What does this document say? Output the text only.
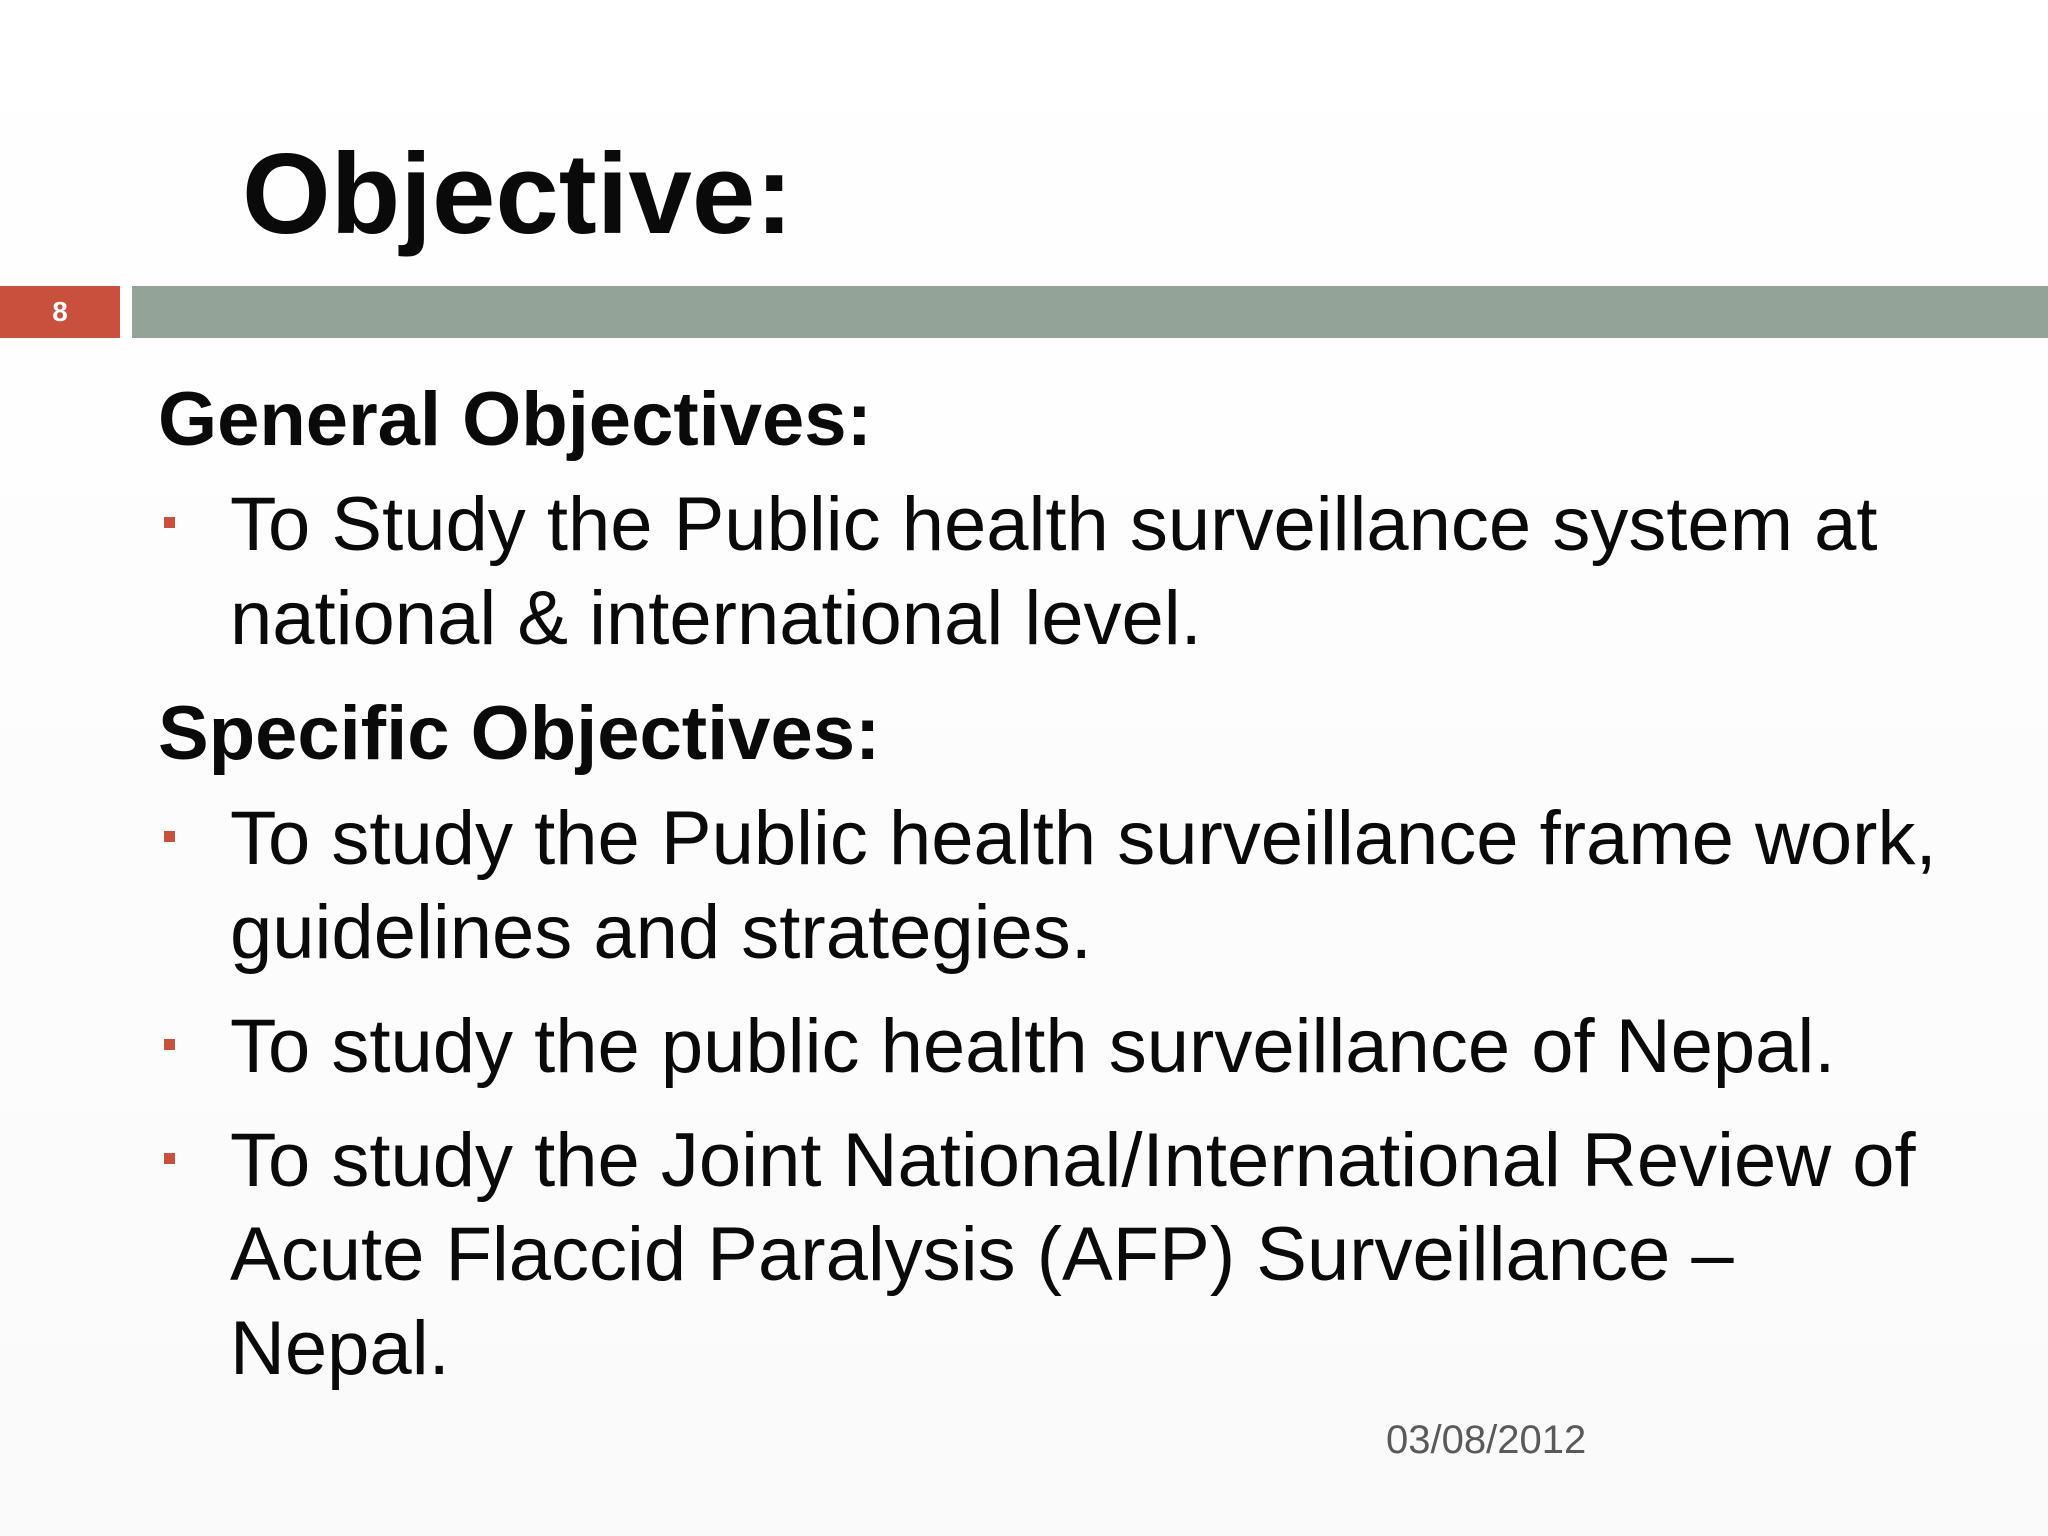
Objective:
8
General Objectives:
To Study the Public health surveillance system at national & international level.
Specific Objectives:
To study the Public health surveillance frame work, guidelines and strategies.
To study the public health surveillance of Nepal.
To study the Joint National/International Review of Acute Flaccid Paralysis (AFP) Surveillance – Nepal.
03/08/2012
